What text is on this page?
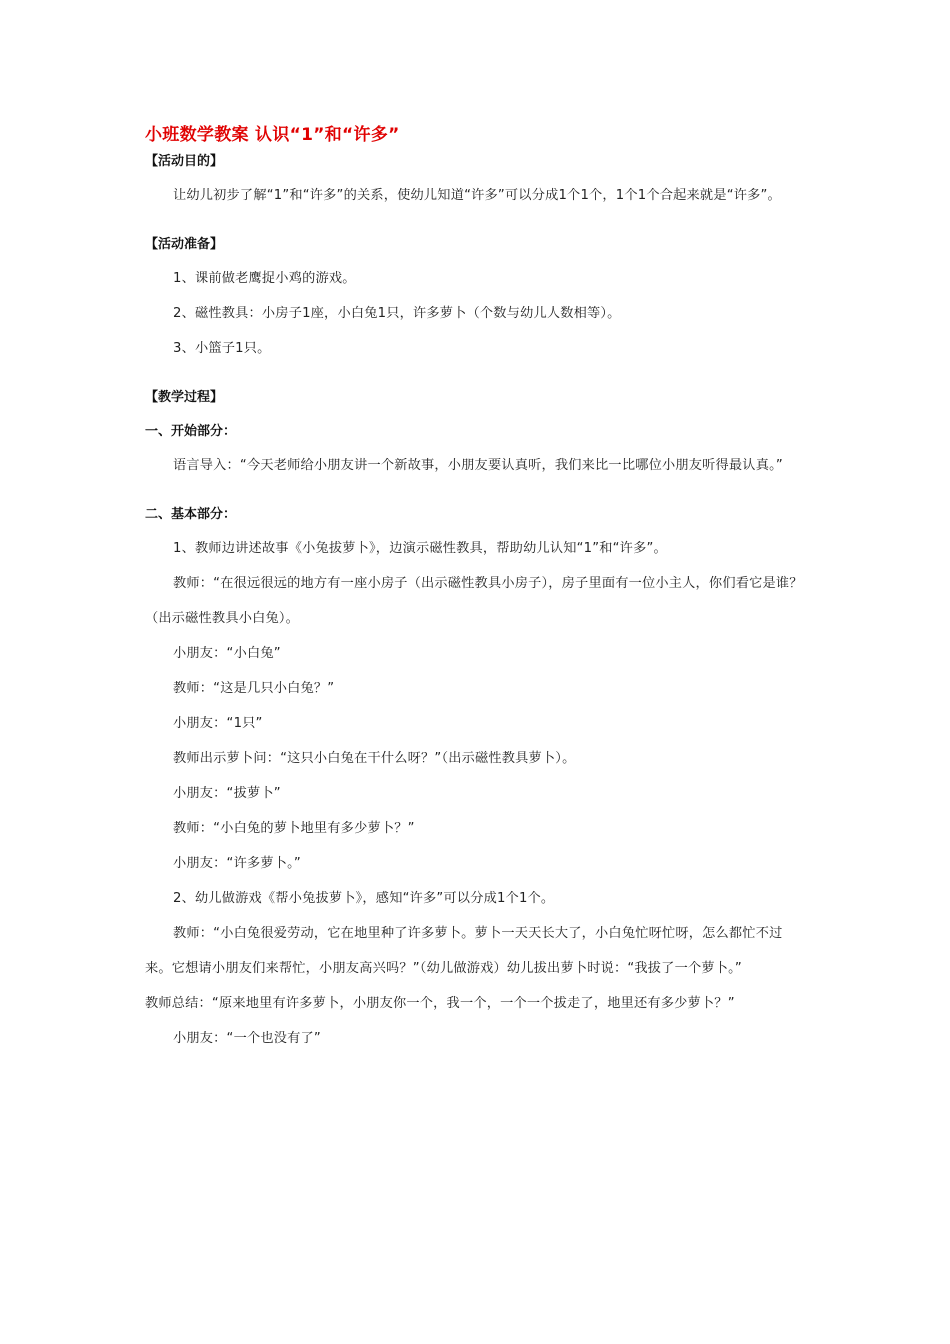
小班数学教案 认识“1”和“许多”
【活动目的】

让幼儿初步了解“1”和“许多”的关系，使幼儿知道“许多”可以分成1个1个，1个1个合起来就是“许多”。

【活动准备】

1、课前做老鹰捉小鸡的游戏。

2、磁性教具：小房子1座，小白兔1只，许多萝卜（个数与幼儿人数相等）。

3、小篮子1只。

【教学过程】
一、开始部分：

语言导入：“今天老师给小朋友讲一个新故事，小朋友要认真听，我们来比一比哪位小朋友听得最认真。”

二、基本部分：

1、教师边讲述故事《小兔拔萝卜》，边演示磁性教具，帮助幼儿认知“1”和“许多”。

教师：“在很远很远的地方有一座小房子（出示磁性教具小房子），房子里面有一位小主人，你们看它是谁？（出示磁性教具小白兔）。

小朋友：“小白兔”

教师：“这是几只小白兔？”

小朋友：“1只”

教师出示萝卜问：“这只小白兔在干什么呀？”（出示磁性教具萝卜）。

小朋友：“拔萝卜”

教师：“小白兔的萝卜地里有多少萝卜？”

小朋友：“许多萝卜。”

2、幼儿做游戏《帮小兔拔萝卜》，感知“许多”可以分成1个1个。

教师：“小白兔很爱劳动，它在地里种了许多萝卜。萝卜一天天长大了，小白兔忙呀忙呀，怎么都忙不过来。它想请小朋友们来帮忙，小朋友高兴吗？”（幼儿做游戏）幼儿拔出萝卜时说：“我拔了一个萝卜。”

教师总结：“原来地里有许多萝卜，小朋友你一个，我一个，一个一个拔走了，地里还有多少萝卜？”

小朋友：“一个也没有了”
